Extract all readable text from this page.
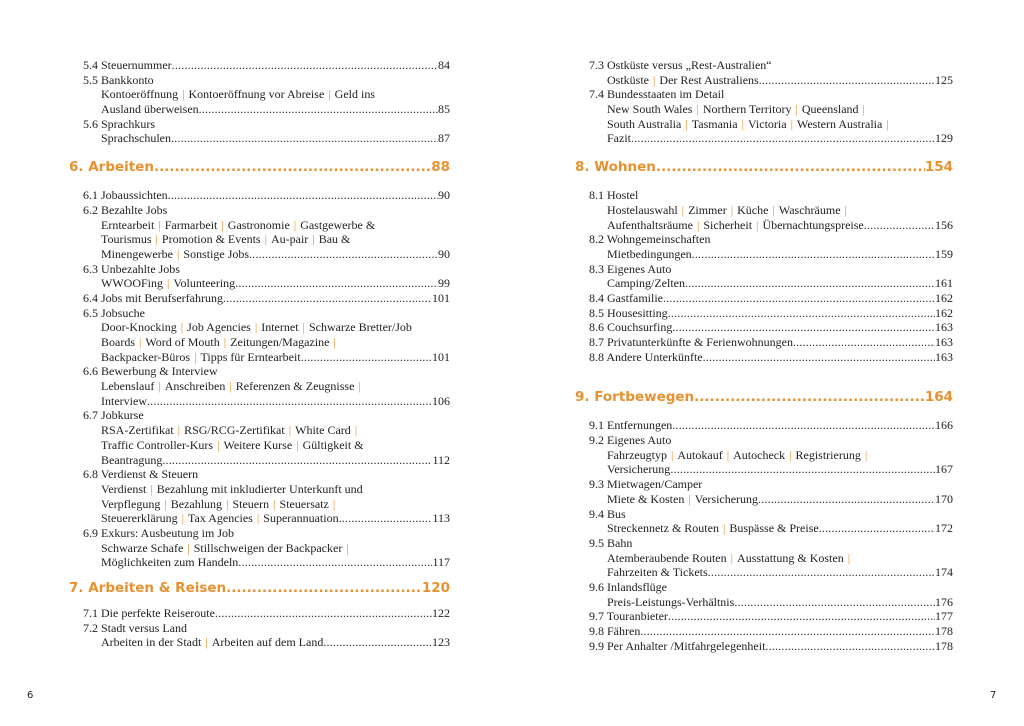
5.4 Steuernummer .....	84
5.5 Bankkonto
Kontoeröffnung | Kontoeröffnung vor Abreise | Geld ins
Ausland überweisen .....	85
5.6 Sprachkurs
Sprachschulen .....	87
6. Arbeiten .....	88
6.1 Jobaussichten .....	90
6.2 Bezahlte Jobs
Erntearbeit | Farmarbeit | Gastronomie | Gastgewerbe &
Tourismus | Promotion & Events | Au-pair | Bau &
Minengewerbe | Sonstige Jobs .....	90
6.3 Unbezahlte Jobs
WWOOFing | Volunteering .....	99
6.4 Jobs mit Berufserfahrung .....	101
6.5 Jobsuche
Door-Knocking | Job Agencies | Internet | Schwarze Bretter/Job
Boards | Word of Mouth | Zeitungen/Magazine |
Backpacker-Büros | Tipps für Erntearbeit .....	101
6.6 Bewerbung & Interview
Lebenslauf | Anschreiben | Referenzen & Zeugnisse |
Interview .....	106
6.7 Jobkurse
RSA-Zertifikat | RSG/RCG-Zertifikat | White Card |
Traffic Controller-Kurs | Weitere Kurse | Gültigkeit &
Beantragung .....	112
6.8 Verdienst & Steuern
Verdienst | Bezahlung mit inkludierter Unterkunft und
Verpflegung | Bezahlung | Steuern | Steuersatz |
Steuererklärung | Tax Agencies | Superannuation .....	113
6.9 Exkurs: Ausbeutung im Job
Schwarze Schafe | Stillschweigen der Backpacker |
Möglichkeiten zum Handeln .....	117
7. Arbeiten & Reisen .....	120
7.1 Die perfekte Reiseroute .....	122
7.2 Stadt versus Land
Arbeiten in der Stadt | Arbeiten auf dem Land .....	123
7.3 Ostküste versus „Rest-Australien“
Ostküste | Der Rest Australiens .....	125
7.4 Bundesstaaten im Detail
New South Wales | Northern Territory | Queensland |
South Australia | Tasmania | Victoria | Western Australia |
Fazit .....	129
8. Wohnen .....	154
8.1 Hostel
Hostelauswahl | Zimmer | Küche | Waschräume |
Aufenthaltsräume | Sicherheit | Übernachtungspreise .....	156
8.2 Wohngemeinschaften
Mietbedingungen .....	159
8.3 Eigenes Auto
Camping/Zelten .....	161
8.4 Gastfamilie .....	162
8.5 Housesitting .....	162
8.6 Couchsurfing .....	163
8.7 Privatunterkünfte & Ferienwohnungen .....	163
8.8 Andere Unterkünfte .....	163
9. Fortbewegen .....	164
9.1 Entfernungen .....	166
9.2 Eigenes Auto
Fahrzeugtyp | Autokauf | Autocheck | Registrierung |
Versicherung .....	167
9.3 Mietwagen/Camper
Miete & Kosten | Versicherung .....	170
9.4 Bus
Streckennetz & Routen | Buspässe & Preise .....	172
9.5 Bahn
Atemberaubende Routen | Ausstattung & Kosten |
Fahrzeiten & Tickets .....	174
9.6 Inlandsflüge
Preis-Leistungs-Verhältnis .....	176
9.7 Touranbieter .....	177
9.8 Fähren .....	178
9.9 Per Anhalter /Mitfahrgelegenheit .....	178
6	7
